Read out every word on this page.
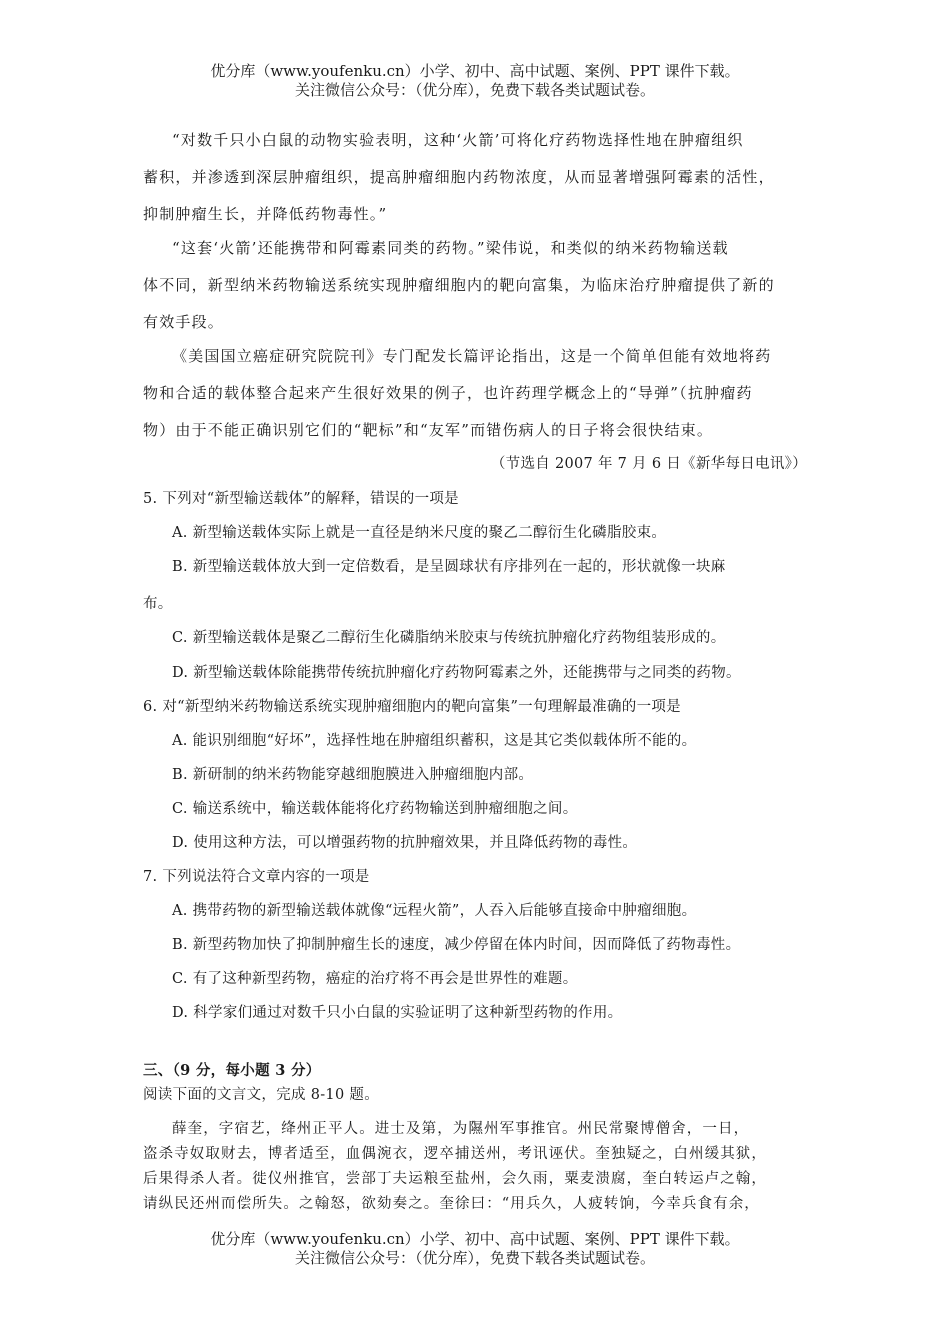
优分库（www.youfenku.cn）小学、初中、高中试题、案例、PPT 课件下载。
关注微信公众号：（优分库），免费下载各类试题试卷。
“对数千只小白鼠的动物实验表明，这种‘火箭’可将化疗药物选择性地在肿瘤组织
蓄积，并渗透到深层肿瘤组织，提高肿瘤细胞内药物浓度，从而显著增强阿霉素的活性，
抑制肿瘤生长，并降低药物毒性。”
“这套‘火箭’还能携带和阿霉素同类的药物。”梁伟说，和类似的纳米药物输送载
体不同，新型纳米药物输送系统实现肿瘤细胞内的靶向富集，为临床治疗肿瘤提供了新的
有效手段。
《美国国立癌症研究院院刊》专门配发长篇评论指出，这是一个简单但能有效地将药
物和合适的载体整合起来产生很好效果的例子，也许药理学概念上的“导弹”（抗肿瘤药
物）由于不能正确识别它们的“靶标”和“友军”而错伤病人的日子将会很快结束。
（节选自 2007 年 7 月 6 日《新华每日电讯》）
5. 下列对“新型输送载体”的解释，错误的一项是
A. 新型输送载体实际上就是一直径是纳米尺度的聚乙二醇衍生化磷脂胶束。
B. 新型输送载体放大到一定倍数看，是呈圆球状有序排列在一起的，形状就像一块麻
布。
C. 新型输送载体是聚乙二醇衍生化磷脂纳米胶束与传统抗肿瘤化疗药物组装形成的。
D. 新型输送载体除能携带传统抗肿瘤化疗药物阿霉素之外，还能携带与之同类的药物。
6. 对“新型纳米药物输送系统实现肿瘤细胞内的靶向富集”一句理解最准确的一项是
A. 能识别细胞“好坏”，选择性地在肿瘤组织蓄积，这是其它类似载体所不能的。
B. 新研制的纳米药物能穿越细胞膜进入肿瘤细胞内部。
C. 输送系统中，输送载体能将化疗药物输送到肿瘤细胞之间。
D. 使用这种方法，可以增强药物的抗肿瘤效果，并且降低药物的毒性。
7. 下列说法符合文章内容的一项是
A. 携带药物的新型输送载体就像“远程火箭”，人吞入后能够直接命中肿瘤细胞。
B. 新型药物加快了抑制肿瘤生长的速度，减少停留在体内时间，因而降低了药物毒性。
C. 有了这种新型药物，癌症的治疗将不再会是世界性的难题。
D. 科学家们通过对数千只小白鼠的实验证明了这种新型药物的作用。
三、（9 分，每小题 3 分）
阅读下面的文言文，完成 8-10 题。
薛奎，字宿艺，绛州正平人。进士及第，为隰州军事推官。州民常聚博僧舍，一日，
盗杀寺奴取财去，博者适至，血偶涴衣，逻卒捕送州，考讯诬伏。奎独疑之，白州缓其狱，
后果得杀人者。徙仪州推官，尝部丁夫运粮至盐州，会久雨，粟麦溃腐，奎白转运卢之翰，
请纵民还州而偿所失。之翰怒，欲劾奏之。奎徐曰：“用兵久，人疲转饷，今幸兵食有余，
优分库（www.youfenku.cn）小学、初中、高中试题、案例、PPT 课件下载。
关注微信公众号：（优分库），免费下载各类试题试卷。
